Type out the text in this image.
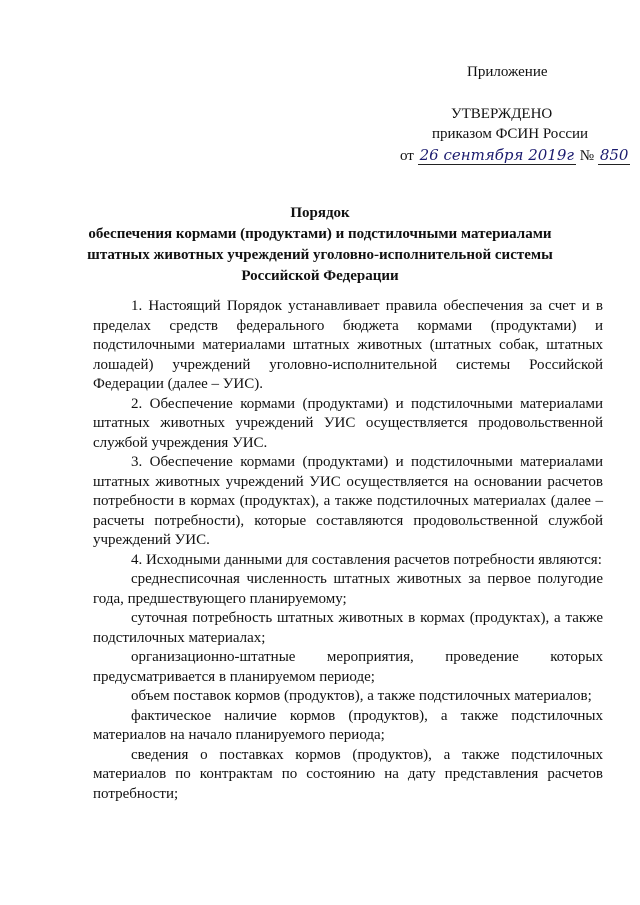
Приложение
УТВЕРЖДЕНО
приказом ФСИН России
от 26 сентября 2019г № 850
Порядок
обеспечения кормами (продуктами) и подстилочными материалами
штатных животных учреждений уголовно-исполнительной системы
Российской Федерации

1. Настоящий Порядок устанавливает правила обеспечения за счет и в пределах средств федерального бюджета кормами (продуктами) и подстилочными материалами штатных животных (штатных собак, штатных лошадей) учреждений уголовно-исполнительной системы Российской Федерации (далее – УИС).

2. Обеспечение кормами (продуктами) и подстилочными материалами штатных животных учреждений УИС осуществляется продовольственной службой учреждения УИС.

3. Обеспечение кормами (продуктами) и подстилочными материалами штатных животных учреждений УИС осуществляется на основании расчетов потребности в кормах (продуктах), а также подстилочных материалах (далее – расчеты потребности), которые составляются продовольственной службой учреждений УИС.

4. Исходными данными для составления расчетов потребности являются:

среднесписочная численность штатных животных за первое полугодие года, предшествующего планируемому;

суточная потребность штатных животных в кормах (продуктах), а также подстилочных материалах;

организационно-штатные мероприятия, проведение которых предусматривается в планируемом периоде;

объем поставок кормов (продуктов), а также подстилочных материалов;

фактическое наличие кормов (продуктов), а также подстилочных материалов на начало планируемого периода;

сведения о поставках кормов (продуктов), а также подстилочных материалов по контрактам по состоянию на дату представления расчетов потребности;
